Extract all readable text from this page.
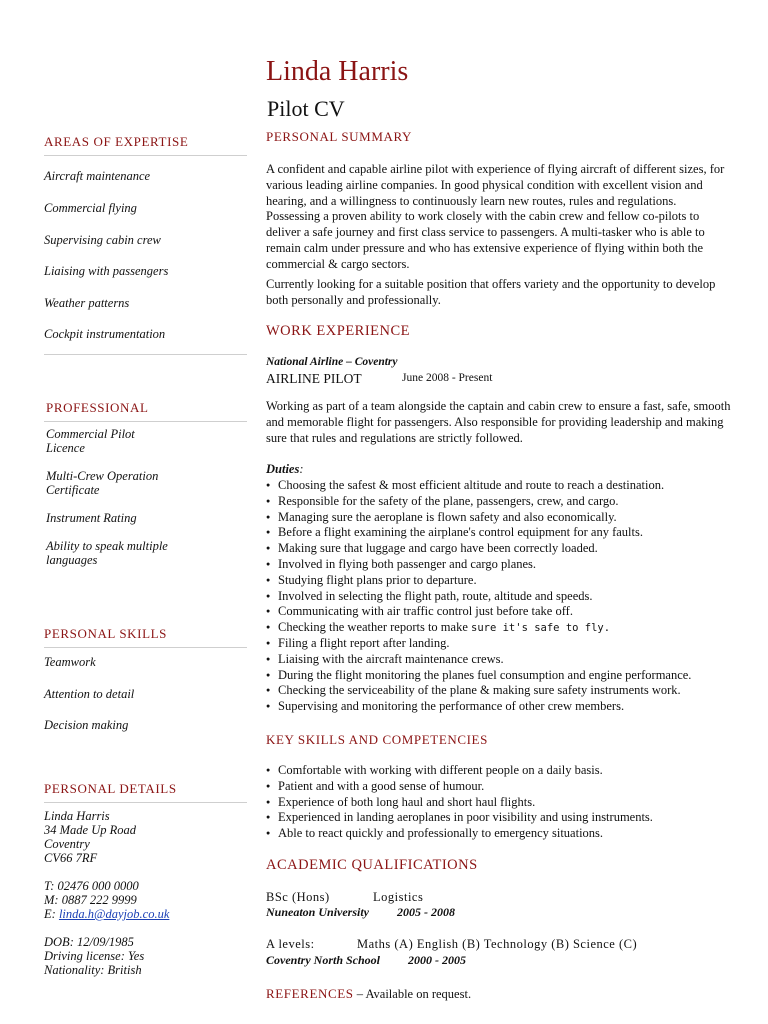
Linda Harris
Pilot CV
AREAS OF EXPERTISE
Aircraft maintenance
Commercial flying
Supervising cabin crew
Liaising with passengers
Weather patterns
Cockpit instrumentation
PROFESSIONAL
Commercial Pilot
Licence
Multi-Crew Operation
Certificate
Instrument Rating
Ability to speak multiple
languages
PERSONAL SKILLS
Teamwork
Attention to detail
Decision making
PERSONAL DETAILS
Linda Harris
34 Made Up Road
Coventry
CV66 7RF
T: 02476 000 0000
M: 0887 222 9999
E: linda.h@dayjob.co.uk
DOB: 12/09/1985
Driving license: Yes
Nationality: British
PERSONAL SUMMARY
A confident and capable airline pilot with experience of flying aircraft of different sizes, for various leading airline companies. In good physical condition with excellent vision and hearing, and a willingness to continuously learn new routes, rules and regulations. Possessing a proven ability to work closely with the cabin crew and fellow co-pilots to deliver a safe journey and first class service to passengers. A multi-tasker who is able to remain calm under pressure and who has extensive experience of flying within both the commercial & cargo sectors.
Currently looking for a suitable position that offers variety and the opportunity to develop both personally and professionally.
WORK EXPERIENCE
National Airline – Coventry
AIRLINE PILOT	June 2008 - Present
Working as part of a team alongside the captain and cabin crew to ensure a fast, safe, smooth and memorable flight for passengers. Also responsible for providing leadership and making sure that rules and regulations are strictly followed.
Duties:
● Choosing the safest & most efficient altitude and route to reach a destination.
● Responsible for the safety of the plane, passengers, crew, and cargo.
● Managing sure the aeroplane is flown safety and also economically.
● Before a flight examining the airplane's control equipment for any faults.
● Making sure that luggage and cargo have been correctly loaded.
● Involved in flying both passenger and cargo planes.
● Studying flight plans prior to departure.
● Involved in selecting the flight path, route, altitude and speeds.
● Communicating with air traffic control just before take off.
● Checking the weather reports to make sure it's safe to fly.
● Filing a flight report after landing.
● Liaising with the aircraft maintenance crews.
● During the flight monitoring the planes fuel consumption and engine performance.
● Checking the serviceability of the plane & making sure safety instruments work.
● Supervising and monitoring the performance of other crew members.
KEY SKILLS AND COMPETENCIES
● Comfortable with working with different people on a daily basis.
● Patient and with a good sense of humour.
● Experience of both long haul and short haul flights.
● Experienced in landing aeroplanes in poor visibility and using instruments.
● Able to react quickly and professionally to emergency situations.
ACADEMIC QUALIFICATIONS
BSc (Hons)	Logistics
Nuneaton University 2005 - 2008
A levels:	Maths (A) English (B) Technology (B) Science (C)
Coventry North School 2000 - 2005
REFERENCES – Available on request.
